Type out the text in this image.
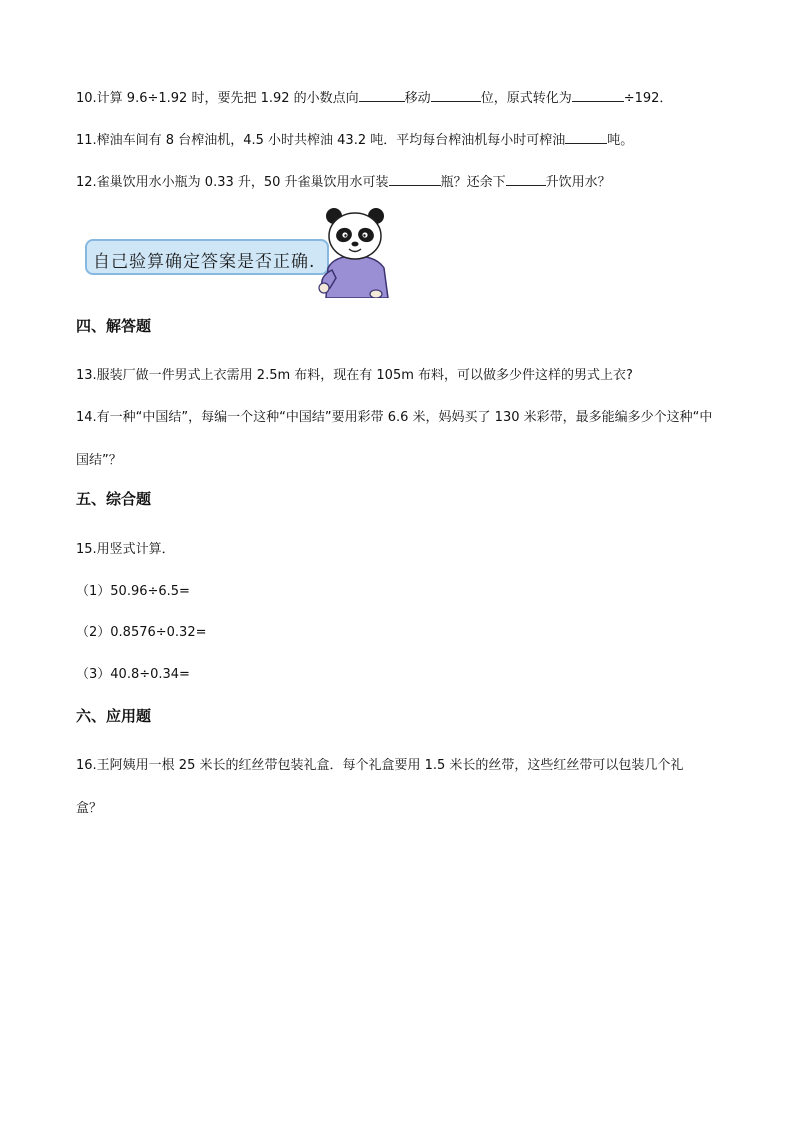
10.计算 9.6÷1.92 时，要先把 1.92 的小数点向	移动	位，原式转化为	÷192．
11.榨油车间有 8 台榨油机，4.5 小时共榨油 43.2 吨．平均每台榨油机每小时可榨油	吨。
12.雀巢饮用水小瓶为 0.33 升，50 升雀巢饮用水可装	瓶？还余下	升饮用水？
自己验算确定答案是否正确.
四、解答题
13.服装厂做一件男式上衣需用 2.5m 布料，现在有 105m 布料，可以做多少件这样的男式上衣?
14.有一种“中国结”，每编一个这种“中国结”要用彩带 6.6 米，妈妈买了 130 米彩带，最多能编多少个这种“中
国结”？
五、综合题
15.用竖式计算．
（1）50.96÷6.5=
（2）0.8576÷0.32=
（3）40.8÷0.34=
六、应用题
16.王阿姨用一根 25 米长的红丝带包装礼盒．每个礼盒要用 1.5 米长的丝带，这些红丝带可以包装几个礼
盒？
